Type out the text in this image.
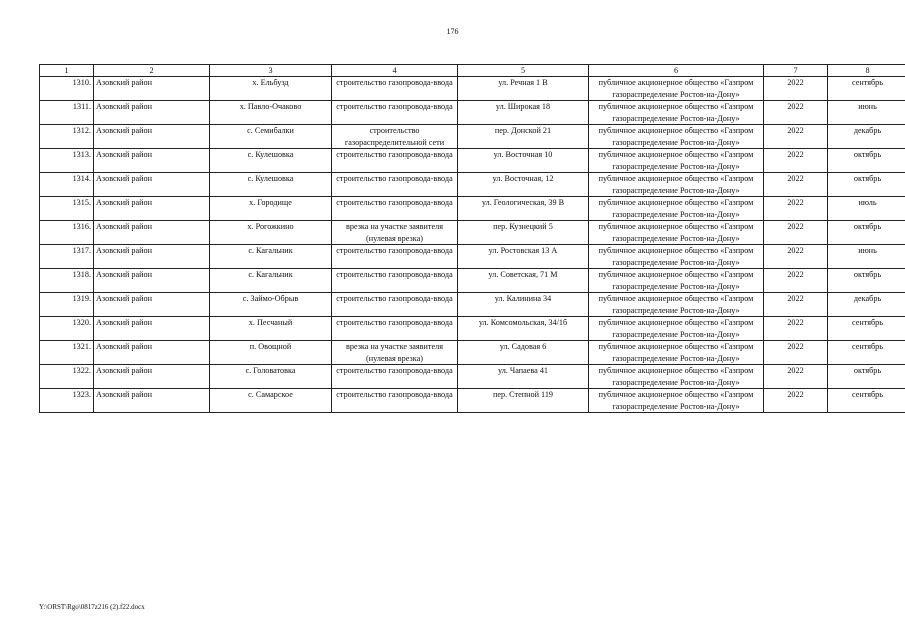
176
1	2	3	4	5	6	7	8
1310.	Азовский район	х. Ельбузд	строительство газопровода-ввода	ул. Речная 1 В	публичное акционерное общество «Газпром газораспределение Ростов-на-Дону»	2022	сентябрь
1311.	Азовский район	х. Павло-Очаково	строительство газопровода-ввода	ул. Широкая 18	публичное акционерное общество «Газпром газораспределение Ростов-на-Дону»	2022	июнь
1312.	Азовский район	с. Семибалки	строительство газораспределительной сети	пер. Донской 21	публичное акционерное общество «Газпром газораспределение Ростов-на-Дону»	2022	декабрь
1313.	Азовский район	с. Кулешовка	строительство газопровода-ввода	ул. Восточная 10	публичное акционерное общество «Газпром газораспределение Ростов-на-Дону»	2022	октябрь
1314.	Азовский район	с. Кулешовка	строительство газопровода-ввода	ул. Восточная, 12	публичное акционерное общество «Газпром газораспределение Ростов-на-Дону»	2022	октябрь
1315.	Азовский район	х. Городище	строительство газопровода-ввода	ул. Геологическая, 39 В	публичное акционерное общество «Газпром газораспределение Ростов-на-Дону»	2022	июль
1316.	Азовский район	х. Рогожкино	врезка на участке заявителя (нулевая врезка)	пер. Кузнецкий 5	публичное акционерное общество «Газпром газораспределение Ростов-на-Дону»	2022	октябрь
1317.	Азовский район	с. Кагальник	строительство газопровода-ввода	ул. Ростовская 13 А	публичное акционерное общество «Газпром газораспределение Ростов-на-Дону»	2022	июнь
1318.	Азовский район	с. Кагальник	строительство газопровода-ввода	ул. Советская, 71 М	публичное акционерное общество «Газпром газораспределение Ростов-на-Дону»	2022	октябрь
1319.	Азовский район	с. Займо-Обрыв	строительство газопровода-ввода	ул. Калинина 34	публичное акционерное общество «Газпром газораспределение Ростов-на-Дону»	2022	декабрь
1320.	Азовский район	х. Песчаный	строительство газопровода-ввода	ул. Комсомольская, 34/1б	публичное акционерное общество «Газпром газораспределение Ростов-на-Дону»	2022	сентябрь
1321.	Азовский район	п. Овощной	врезка на участке заявителя (нулевая врезка)	ул. Садовая 6	публичное акционерное общество «Газпром газораспределение Ростов-на-Дону»	2022	сентябрь
1322.	Азовский район	с. Головатовка	строительство газопровода-ввода	ул. Чапаева 41	публичное акционерное общество «Газпром газораспределение Ростов-на-Дону»	2022	октябрь
1323.	Азовский район	с. Самарское	строительство газопровода-ввода	пер. Степной 119	публичное акционерное общество «Газпром газораспределение Ростов-на-Дону»	2022	сентябрь
Y:\ORST\Rgo\0817z216 (2).f22.docx
